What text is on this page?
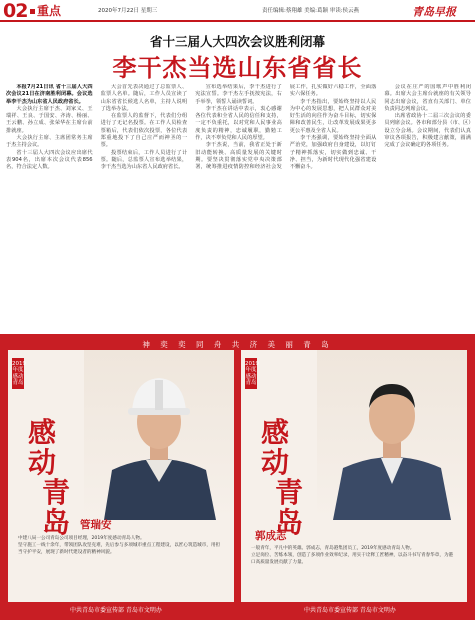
02 重点	2020年7月22日 星期三	责任编辑:蔡翔雄 美编:葛颖 审读:侯云燕	青岛早报
省十三届人大四次会议胜利闭幕
李干杰当选山东省省长

本报7月21日讯 省十三届人大四次会议21日在济南胜利闭幕。会议选举李干杰为山东省人民政府省长。

大会执行主席于杰、刘家义、王瑞祥、王良、于国安、齐涛、杨丽、王云鹏、孙立成、张荣华在主席台前排就座。

大会执行主席、主席团常务主席于杰主持会议。

省十三届人大四次会议应出席代表904名，出席本次会议代表856名，符合法定人数。

大会首先表决通过了总监票人、监票人名单。随后，工作人员宣读了山东省省长候选人名单，主持人说明了选举办法。

在监票人的监督下，代表们分组进行了无记名投票。在工作人员检查票箱后，代表们依次投票，各位代表郑重地投下了自己庄严而神圣的一票。

投票结束后，工作人员进行了计票。随后，总监票人宣布选举结果，李干杰当选为山东省人民政府省长。

宣布选举结果后，李干杰进行了宪法宣誓。李干杰左手抚按宪法，右手举拳，领誓人诵读誓词。

李干杰在讲话中表示，衷心感谢各位代表和全省人民的信任和支持，一定不负重托，以对党和人民事业高度负责的精神，忠诚履职，勤勉工作，决不辜负党和人民的厚望。

李干杰说，当前，我省正处于新旧动能转换、高质量发展的关键时期。要坚决贯彻落实党中央决策部署，统筹推进疫情防控和经济社会发展工作，扎实做好六稳工作，全面落实六保任务。

李干杰指出，要始终坚持以人民为中心的发展思想，把人民群众对美好生活的向往作为奋斗目标，切实保障和改善民生，让改革发展成果更多更公平惠及全省人民。

李干杰强调，要始终坚持全面从严治党，加强政府自身建设，以钉钉子精神抓落实，切实做到忠诚、干净、担当，为新时代现代化强省建设不懈奋斗。

会议在庄严的国歌声中胜利闭幕。出席大会主席台就座的有关领导同志出席会议，省直有关部门、单位负责同志列席会议。

出席省政协十二届三次会议的委员列席会议。各市和部分县（市、区）设立分会场。会议期间，代表们认真审议各项报告，积极建言献策，圆满完成了会议确定的各项任务。

神 奕 奕 同 舟 共 济 美 丽 青 岛
2019年度感动青岛
感动
青岛 管瑞安

中建八局一公司青岛公司项目经理，2019年度感动青岛人物。

坚守施工一线十余年，带领团队攻坚克难，先后参与多项城市重点工程建设，以匠心筑造城市，用担当守护平安，展现了新时代建设者的精神风貌。

2019年度感动青岛
感动
青岛
郭成志

一般青年，平凡中的英雄。郭成志，青岛港集团员工，2019年度感动青岛人物。

立足岗位、苦练本领，创造了多项作业效率纪录，用实干诠释工匠精神，以奋斗书写青春华章，为港口高质量发展贡献了力量。

中共青岛市委宣传部 青岛市文明办	中共青岛市委宣传部 青岛市文明办
